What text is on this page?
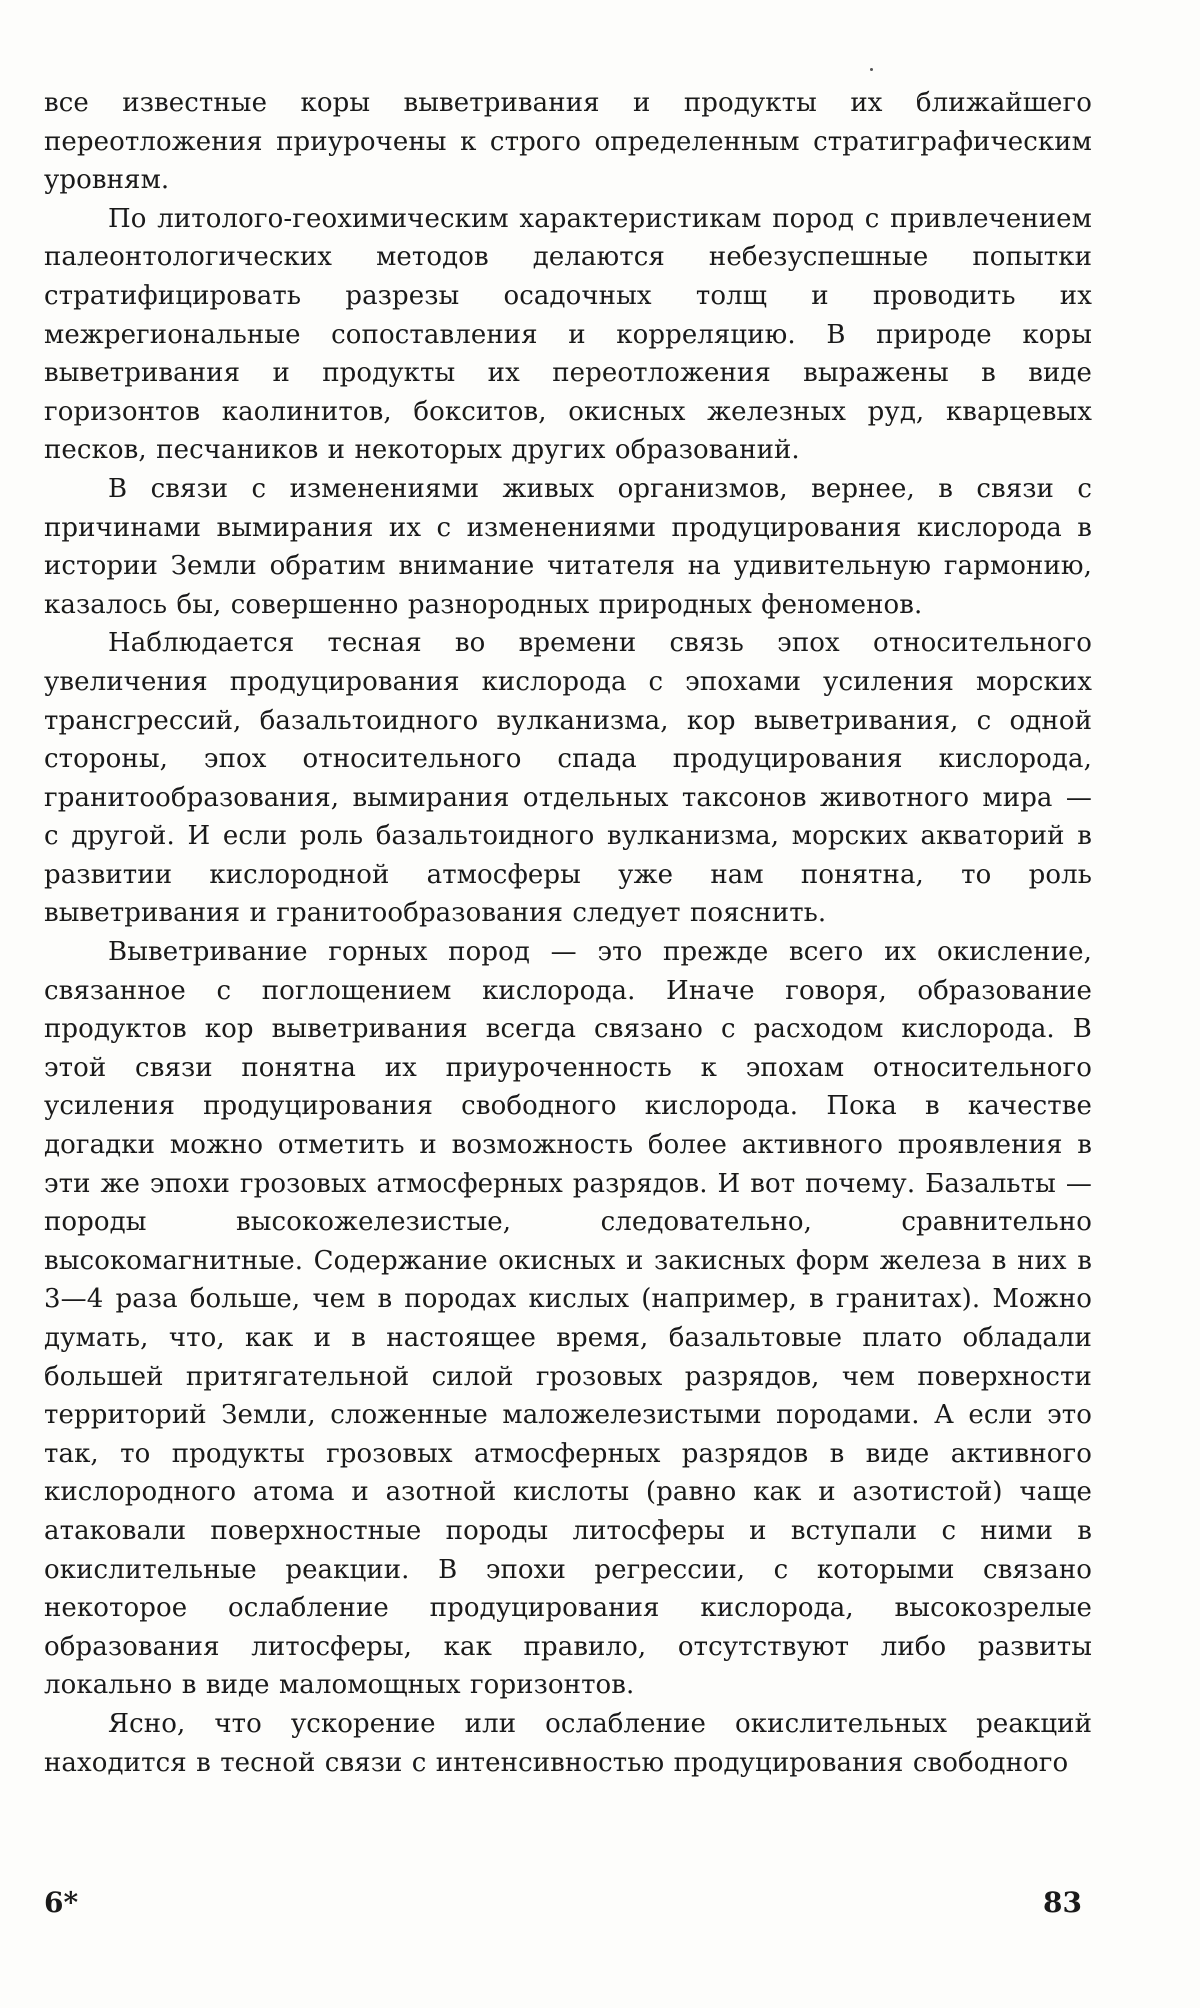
все известные коры выветривания и продукты их ближайшего переотложения приурочены к строго определенным стратиграфическим уровням.

По литолого-геохимическим характеристикам пород с привлечением палеонтологических методов делаются небезуспешные попытки стратифицировать разрезы осадочных толщ и проводить их межрегиональные сопоставления и корреляцию. В природе коры выветривания и продукты их переотложения выражены в виде горизонтов каолинитов, бокситов, окисных железных руд, кварцевых песков, песчаников и некоторых других образований.

В связи с изменениями живых организмов, вернее, в связи с причинами вымирания их с изменениями продуцирования кислорода в истории Земли обратим внимание читателя на удивительную гармонию, казалось бы, совершенно разнородных природных феноменов.

Наблюдается тесная во времени связь эпох относительного увеличения продуцирования кислорода с эпохами усиления морских трансгрессий, базальтоидного вулканизма, кор выветривания, с одной стороны, эпох относительного спада продуцирования кислорода, гранитообразования, вымирания отдельных таксонов животного мира — с другой. И если роль базальтоидного вулканизма, морских акваторий в развитии кислородной атмосферы уже нам понятна, то роль выветривания и гранитообразования следует пояснить.

Выветривание горных пород — это прежде всего их окисление, связанное с поглощением кислорода. Иначе говоря, образование продуктов кор выветривания всегда связано с расходом кислорода. В этой связи понятна их приуроченность к эпохам относительного усиления продуцирования свободного кислорода. Пока в качестве догадки можно отметить и возможность более активного проявления в эти же эпохи грозовых атмосферных разрядов. И вот почему. Базальты — породы высокожелезистые, следовательно, сравнительно высокомагнитные. Содержание окисных и закисных форм железа в них в 3—4 раза больше, чем в породах кислых (например, в гранитах). Можно думать, что, как и в настоящее время, базальтовые плато обладали большей притягательной силой грозовых разрядов, чем поверхности территорий Земли, сложенные маложелезистыми породами. А если это так, то продукты грозовых атмосферных разрядов в виде активного кислородного атома и азотной кислоты (равно как и азотистой) чаще атаковали поверхностные породы литосферы и вступали с ними в окислительные реакции. В эпохи регрессии, с которыми связано некоторое ослабление продуцирования кислорода, высокозрелые образования литосферы, как правило, отсутствуют либо развиты локально в виде маломощных горизонтов.

Ясно, что ускорение или ослабление окислительных реакций находится в тесной связи с интенсивностью продуцирования свободного

6*	83
